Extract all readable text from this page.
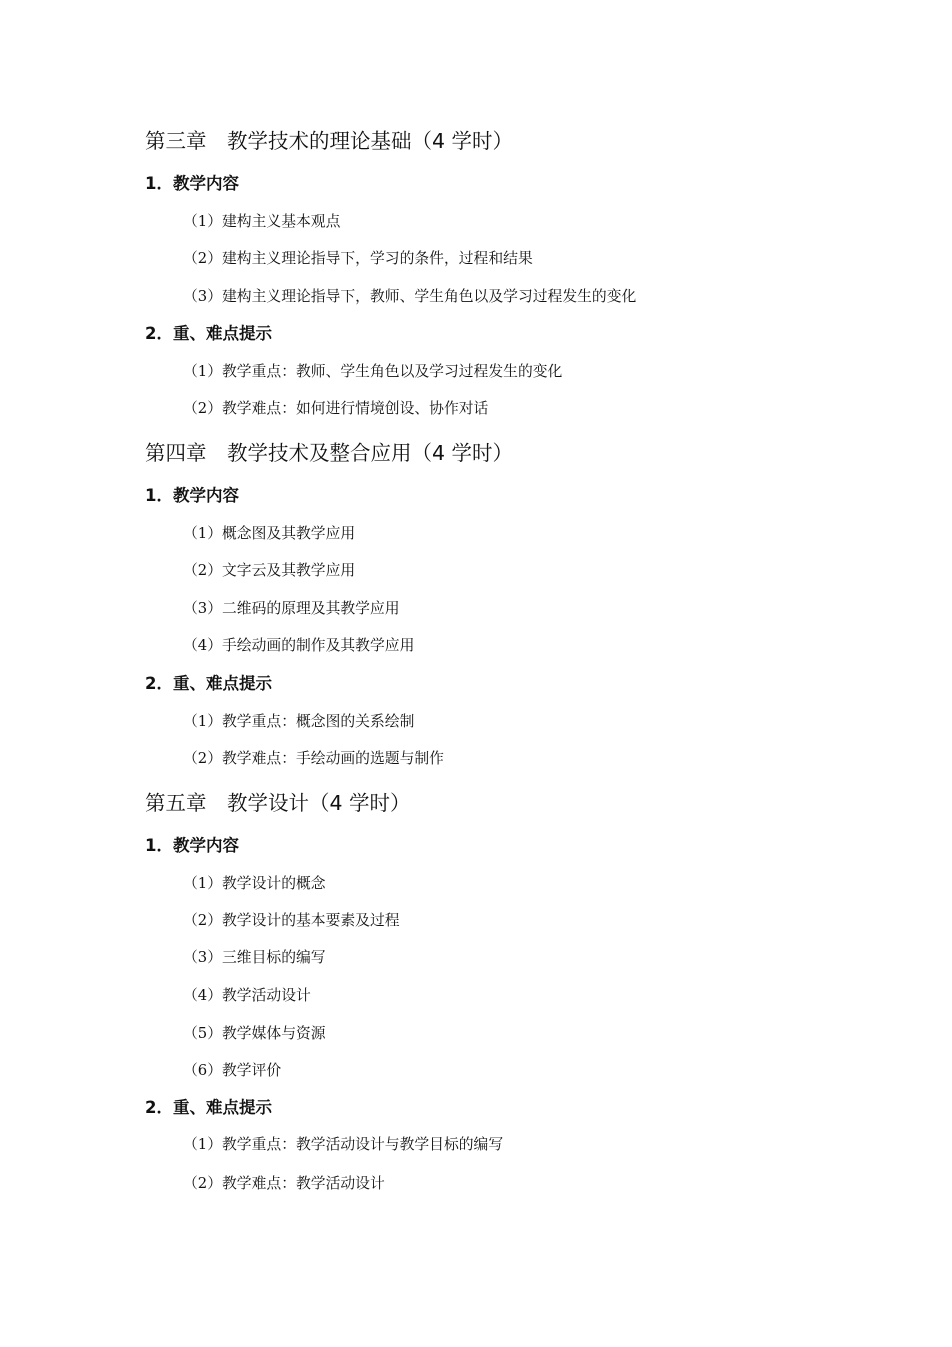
第三章　教学技术的理论基础（4 学时）
1．教学内容

（1）建构主义基本观点

（2）建构主义理论指导下，学习的条件，过程和结果

（3）建构主义理论指导下，教师、学生角色以及学习过程发生的变化

2．重、难点提示

（1）教学重点：教师、学生角色以及学习过程发生的变化

（2）教学难点：如何进行情境创设、协作对话

第四章　教学技术及整合应用（4 学时）
1．教学内容

（1）概念图及其教学应用

（2）文字云及其教学应用

（3）二维码的原理及其教学应用

（4）手绘动画的制作及其教学应用

2．重、难点提示

（1）教学重点：概念图的关系绘制

（2）教学难点：手绘动画的选题与制作

第五章　教学设计（4 学时）
1．教学内容

（1）教学设计的概念

（2）教学设计的基本要素及过程

（3）三维目标的编写

（4）教学活动设计

（5）教学媒体与资源

（6）教学评价

2．重、难点提示

（1）教学重点：教学活动设计与教学目标的编写

（2）教学难点：教学活动设计
